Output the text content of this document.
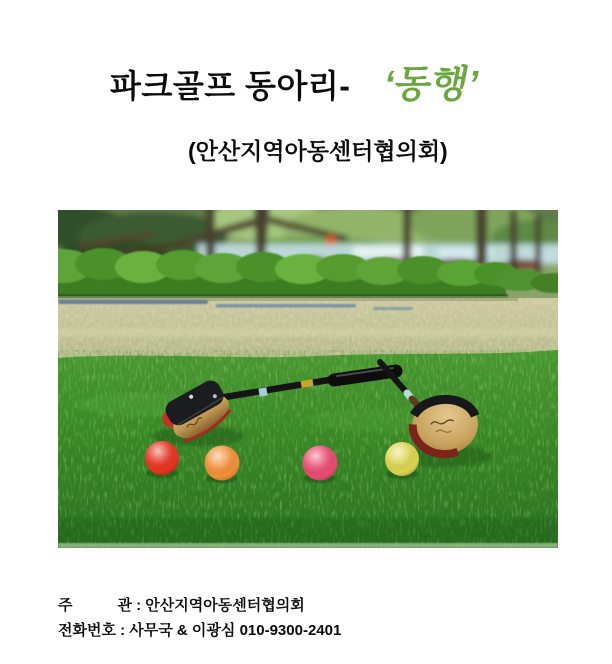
파크골프 동아리- ‘동행’
(안산지역아동센터협의회)
주　　　관 : 안산지역아동센터협의회
전화번호 : 사무국 & 이광심 010-9300-2401
